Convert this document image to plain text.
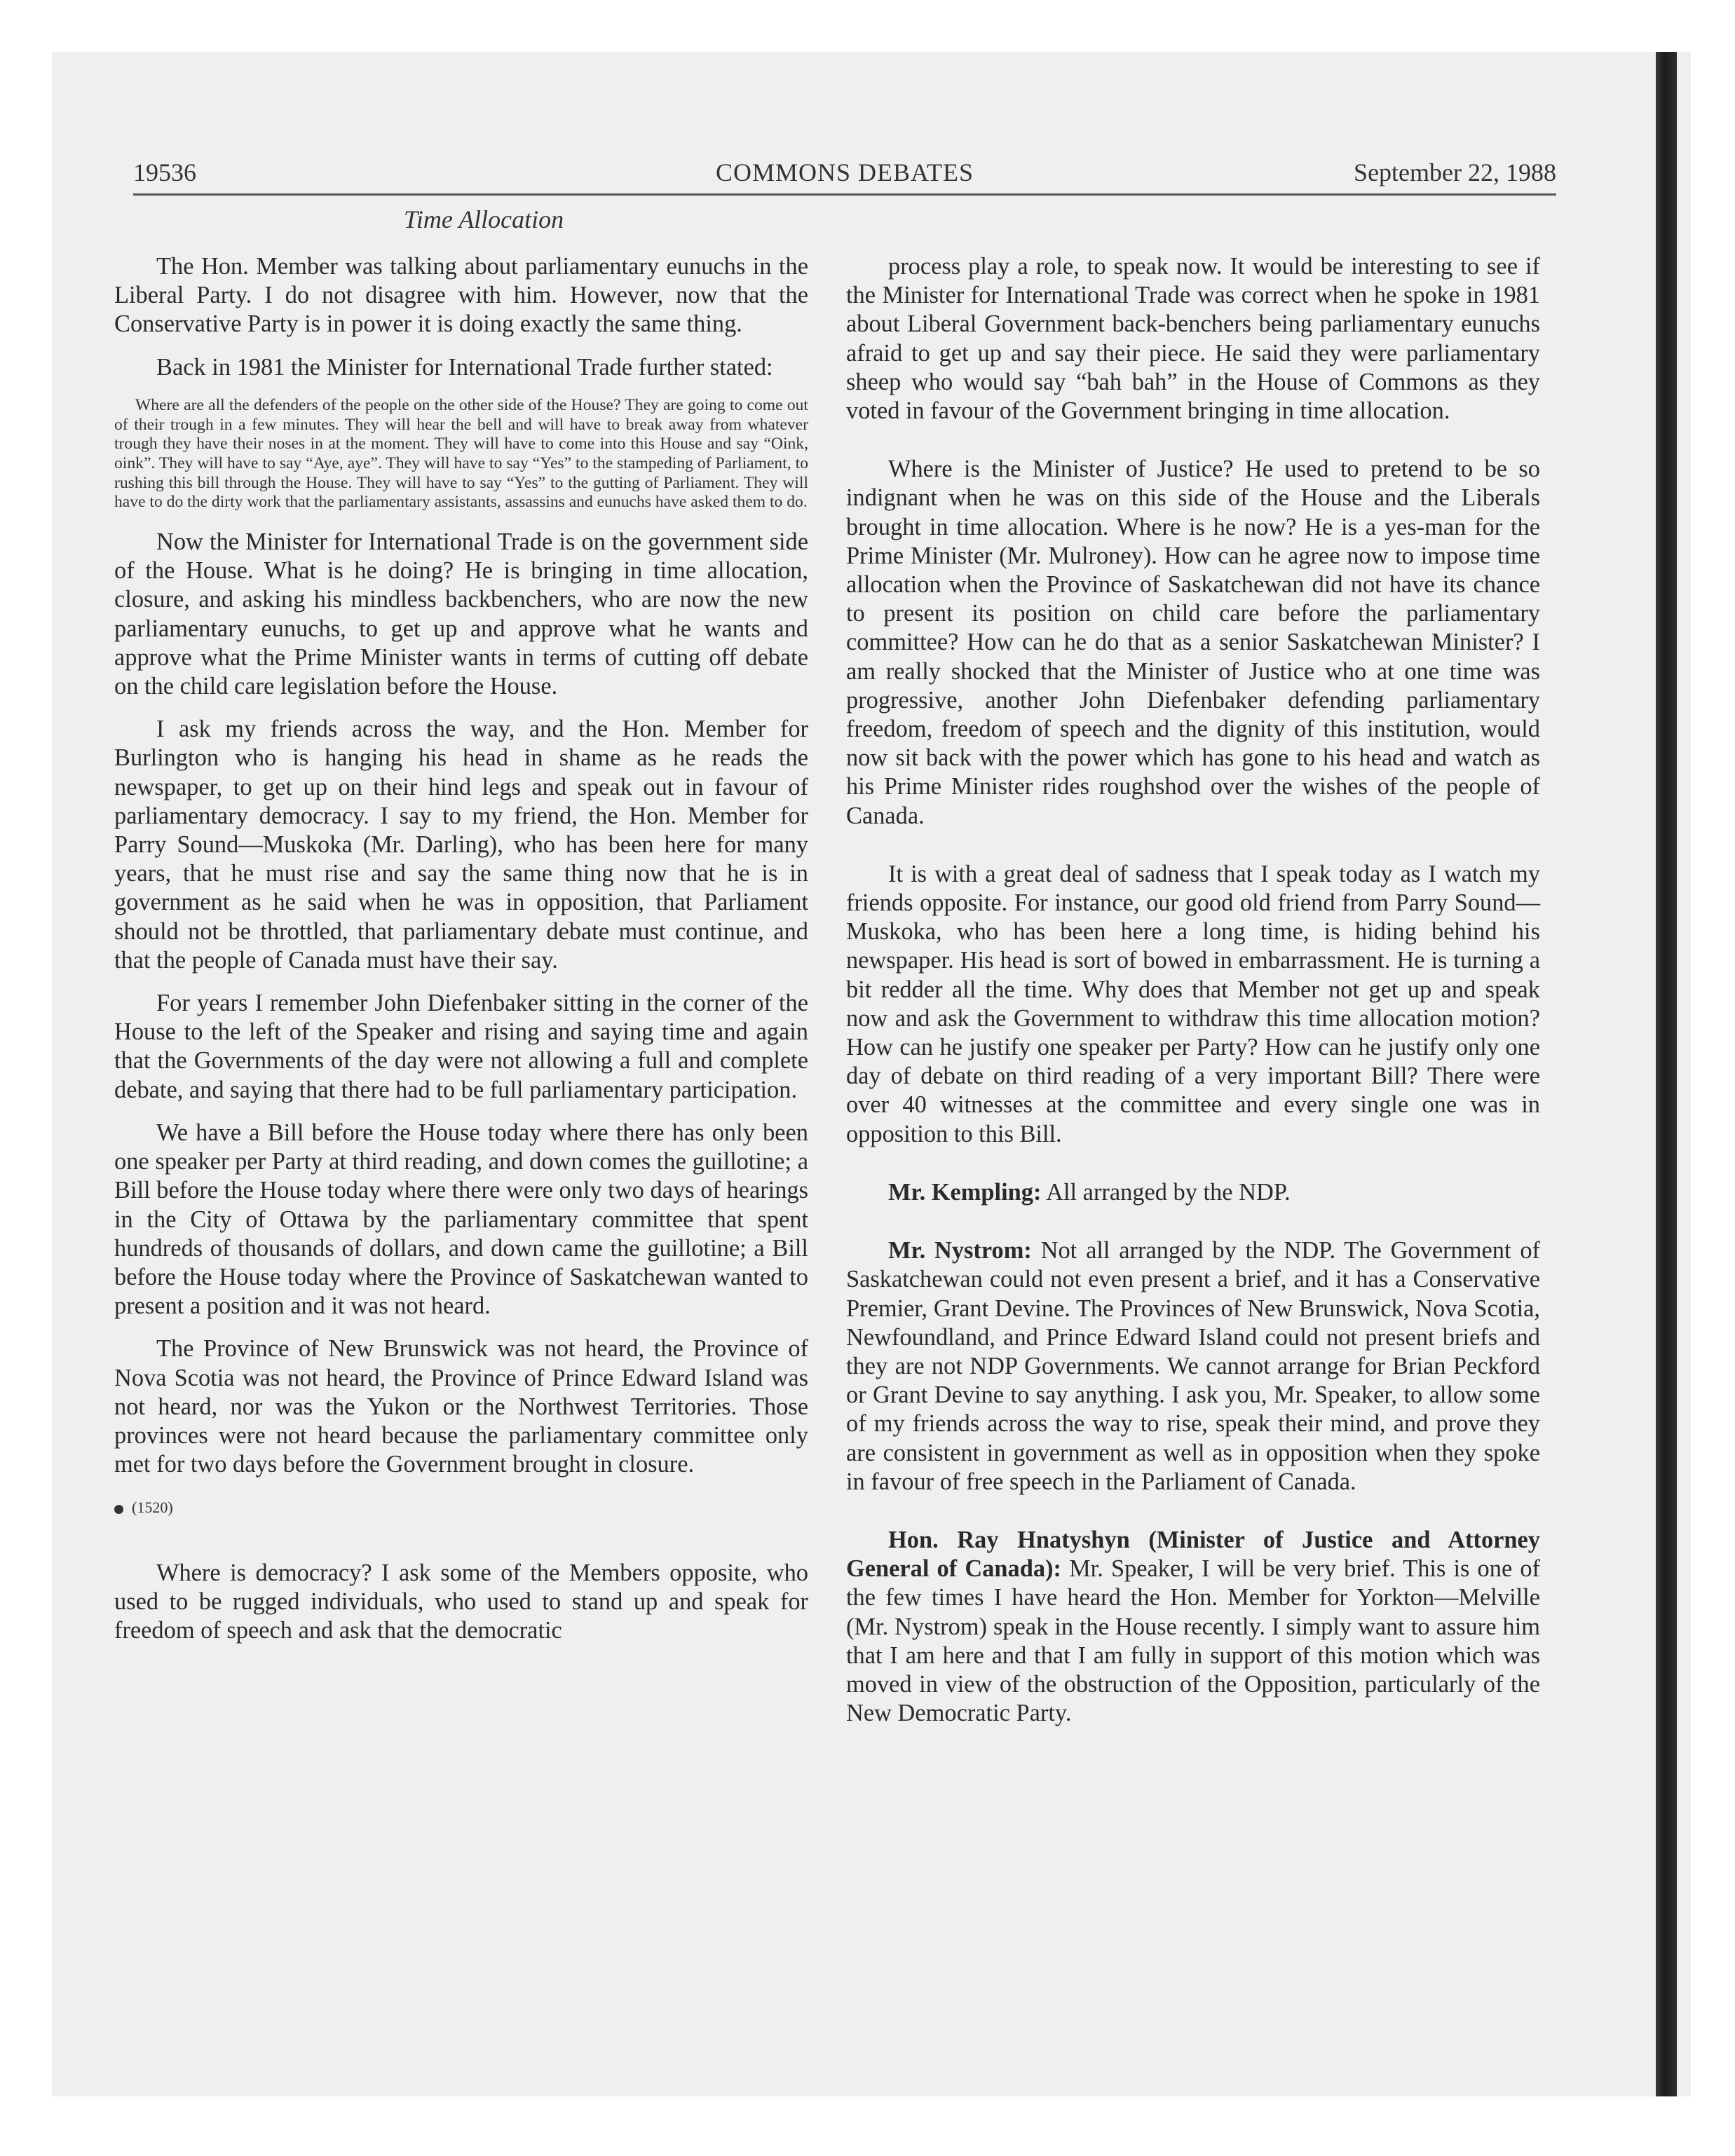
19536	COMMONS DEBATES	September 22, 1988
Time Allocation

The Hon. Member was talking about parliamentary eunuchs in the Liberal Party. I do not disagree with him. However, now that the Conservative Party is in power it is doing exactly the same thing.

Back in 1981 the Minister for International Trade further stated:

Where are all the defenders of the people on the other side of the House? They are going to come out of their trough in a few minutes. They will hear the bell and will have to break away from whatever trough they have their noses in at the moment. They will have to come into this House and say “Oink, oink”. They will have to say “Aye, aye”. They will have to say “Yes” to the stampeding of Parliament, to rushing this bill through the House. They will have to say “Yes” to the gutting of Parliament. They will have to do the dirty work that the parliamentary assistants, assassins and eunuchs have asked them to do.

Now the Minister for International Trade is on the government side of the House. What is he doing? He is bringing in time allocation, closure, and asking his mindless backbenchers, who are now the new parliamentary eunuchs, to get up and approve what he wants and approve what the Prime Minister wants in terms of cutting off debate on the child care legislation before the House.

I ask my friends across the way, and the Hon. Member for Burlington who is hanging his head in shame as he reads the newspaper, to get up on their hind legs and speak out in favour of parliamentary democracy. I say to my friend, the Hon. Member for Parry Sound—Muskoka (Mr. Darling), who has been here for many years, that he must rise and say the same thing now that he is in government as he said when he was in opposition, that Parliament should not be throttled, that parliamentary debate must continue, and that the people of Canada must have their say.

For years I remember John Diefenbaker sitting in the corner of the House to the left of the Speaker and rising and saying time and again that the Governments of the day were not allowing a full and complete debate, and saying that there had to be full parliamentary participation.

We have a Bill before the House today where there has only been one speaker per Party at third reading, and down comes the guillotine; a Bill before the House today where there were only two days of hearings in the City of Ottawa by the parliamentary committee that spent hundreds of thousands of dollars, and down came the guillotine; a Bill before the House today where the Province of Saskatchewan wanted to present a position and it was not heard.

The Province of New Brunswick was not heard, the Province of Nova Scotia was not heard, the Province of Prince Edward Island was not heard, nor was the Yukon or the Northwest Territories. Those provinces were not heard because the parliamentary committee only met for two days before the Government brought in closure.

(1520)

Where is democracy? I ask some of the Members opposite, who used to be rugged individuals, who used to stand up and speak for freedom of speech and ask that the democratic

process play a role, to speak now. It would be interesting to see if the Minister for International Trade was correct when he spoke in 1981 about Liberal Government back-benchers being parliamentary eunuchs afraid to get up and say their piece. He said they were parliamentary sheep who would say “bah bah” in the House of Commons as they voted in favour of the Government bringing in time allocation.

Where is the Minister of Justice? He used to pretend to be so indignant when he was on this side of the House and the Liberals brought in time allocation. Where is he now? He is a yes-man for the Prime Minister (Mr. Mulroney). How can he agree now to impose time allocation when the Province of Saskatchewan did not have its chance to present its position on child care before the parliamentary committee? How can he do that as a senior Saskatchewan Minister? I am really shocked that the Minister of Justice who at one time was progressive, another John Diefenbaker defending parliamentary freedom, freedom of speech and the dignity of this institution, would now sit back with the power which has gone to his head and watch as his Prime Minister rides roughshod over the wishes of the people of Canada.

It is with a great deal of sadness that I speak today as I watch my friends opposite. For instance, our good old friend from Parry Sound—Muskoka, who has been here a long time, is hiding behind his newspaper. His head is sort of bowed in embarrassment. He is turning a bit redder all the time. Why does that Member not get up and speak now and ask the Government to withdraw this time allocation motion? How can he justify one speaker per Party? How can he justify only one day of debate on third reading of a very important Bill? There were over 40 witnesses at the committee and every single one was in opposition to this Bill.

Mr. Kempling: All arranged by the NDP.

Mr. Nystrom: Not all arranged by the NDP. The Government of Saskatchewan could not even present a brief, and it has a Conservative Premier, Grant Devine. The Provinces of New Brunswick, Nova Scotia, Newfoundland, and Prince Edward Island could not present briefs and they are not NDP Governments. We cannot arrange for Brian Peckford or Grant Devine to say anything. I ask you, Mr. Speaker, to allow some of my friends across the way to rise, speak their mind, and prove they are consistent in government as well as in opposition when they spoke in favour of free speech in the Parliament of Canada.

Hon. Ray Hnatyshyn (Minister of Justice and Attorney General of Canada): Mr. Speaker, I will be very brief. This is one of the few times I have heard the Hon. Member for Yorkton—Melville (Mr. Nystrom) speak in the House recently. I simply want to assure him that I am here and that I am fully in support of this motion which was moved in view of the obstruction of the Opposition, particularly of the New Democratic Party.
